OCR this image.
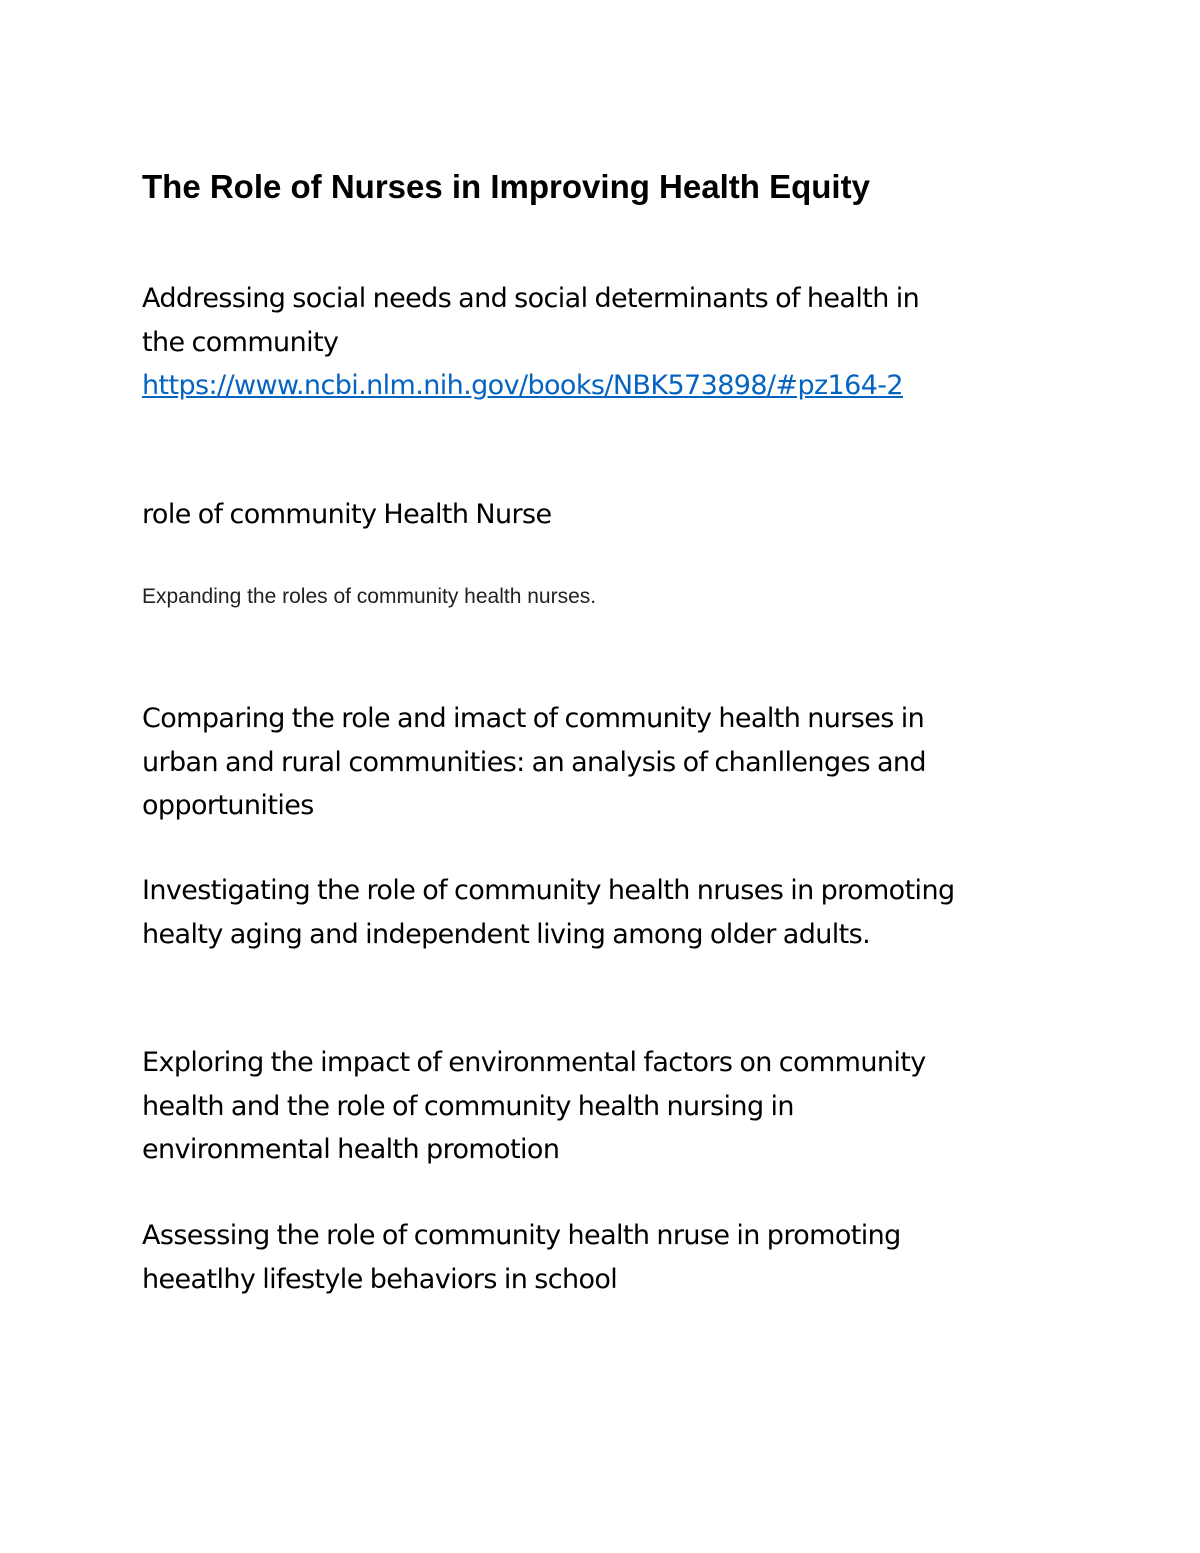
The Role of Nurses in Improving Health Equity

Addressing social needs and social determinants of health in
the community

https://www.ncbi.nlm.nih.gov/books/NBK573898/#pz164-2

role of community Health Nurse

Expanding the roles of community health nurses.

Comparing the role and imact of community health nurses in
urban and rural communities: an analysis of chanllenges and
opportunities

Investigating the role of community health nruses in promoting
healty aging and independent living among older adults.

Exploring the impact of environmental factors on community
health and the role of community health nursing in
environmental health promotion

Assessing the role of community health nruse in promoting
heeatlhy lifestyle behaviors in school
